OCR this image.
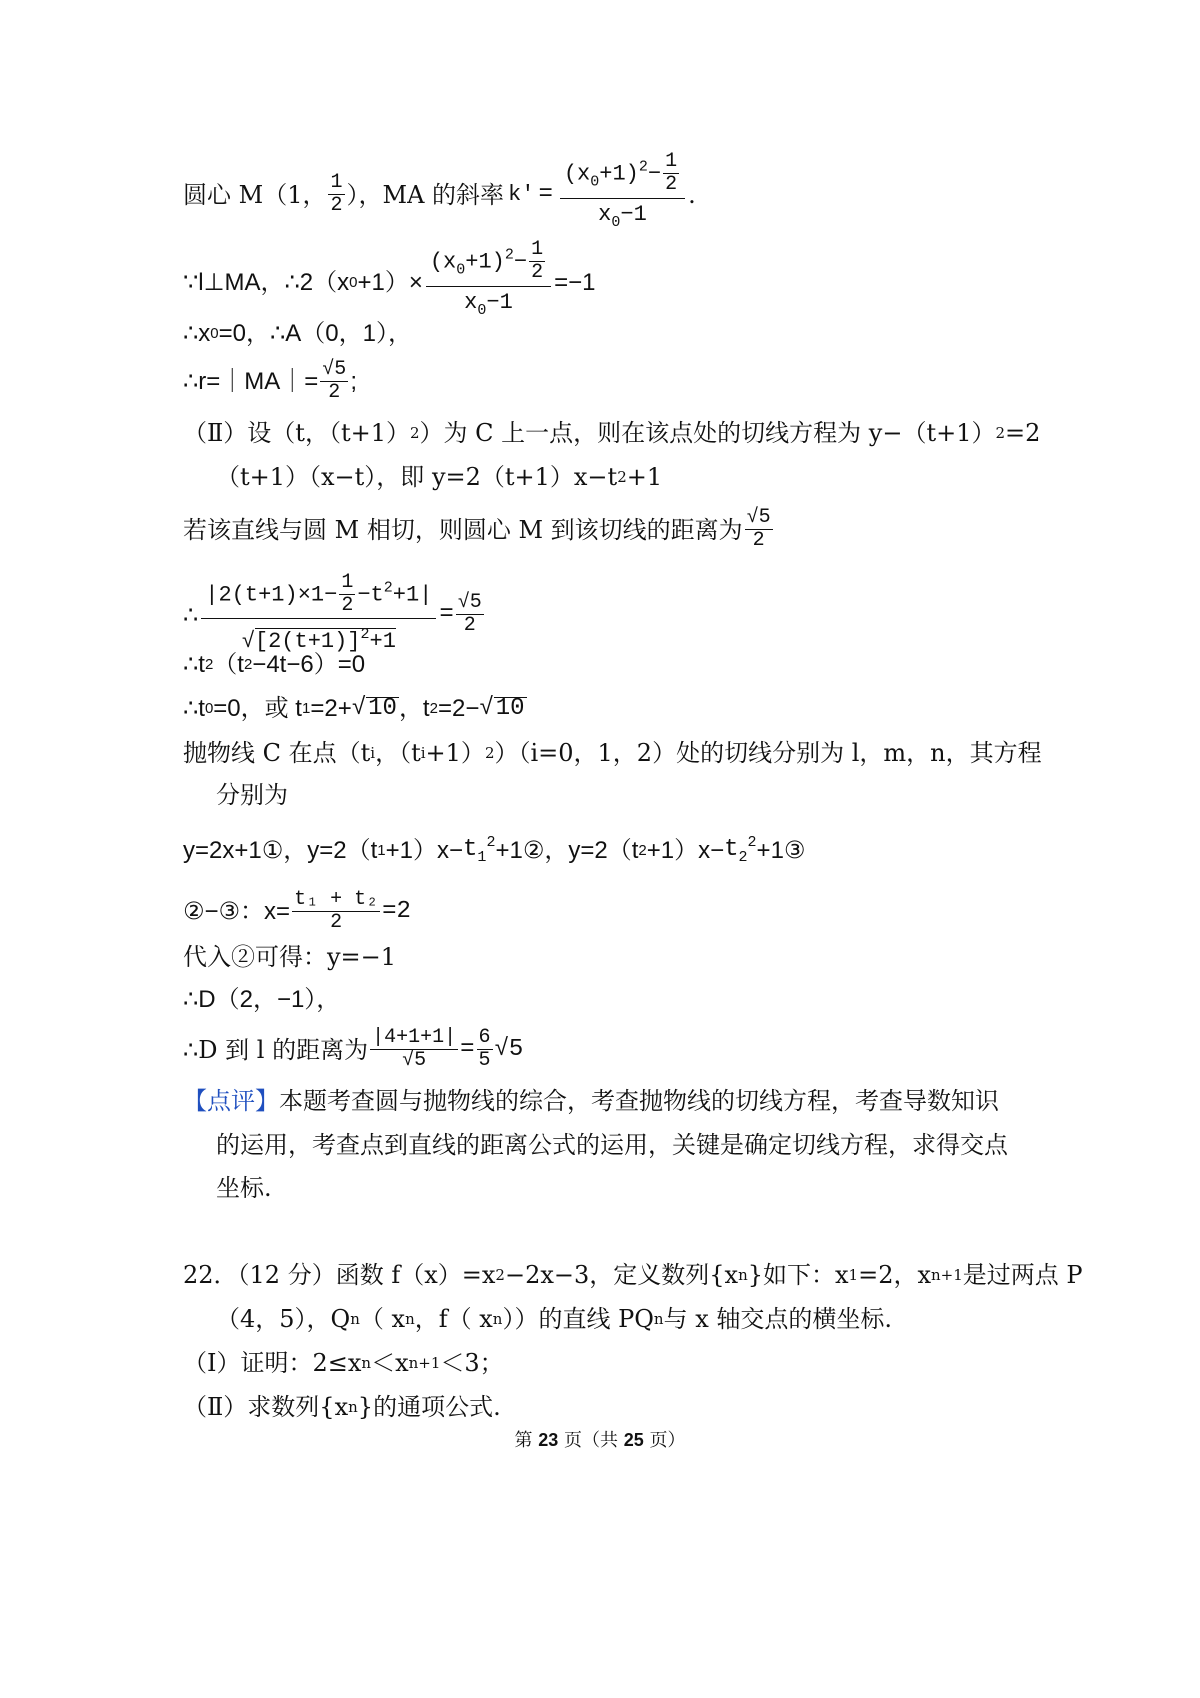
圆心 M（1， 1
2 ），MA 的斜率 $k' = \frac{(x_0+1)^2- \frac{1}{2}}{x_0-1}$ .
∵l⊥MA，∴2（x $0 +1)\times \frac{(x_0+1)^2- \frac{1}{2}}{x_0-1} =-1$
∴x 0 =0，∴A（0，1），
∴r=｜MA｜= $\frac{√5}{2}$ ;
（Ⅱ）设（t，（t+1） 2 ）为 C 上一点，则在该点处的切线方程为 y−（t+1） 2 =2
（t+1）（x−t），即 y=2（t+1）x−t 2 +1
若该直线与圆 M 相切，则圆心 M 到该切线的距离为 √5
2
∴ $\frac{|2(t+1)\times 1- \frac{1}{2} -t^2+1|}{√[2(t+1)]^2+1} = \frac{√5}{2}$
∴t 2 （t 2 −4t−6）=0
∴t 0 =0，或 t 1 =2+ √ 10 ，t 2 =2− √ 10
抛物线 C 在点（t i ，（t i +1） 2 ）（i=0，1，2）处的切线分别为 l，m，n，其方程
分别为
y=2x+1①，y=2（t $1 +1)x- t_1^2$ +1②，y=2（t $2 +1)x- t_2^2$ +1③
②−③：$x= \frac{\text{t₁ + t₂}}{2} =2$
代入②可得：y=−1
∴D（2，−1），
∴D 到 l 的距离为 $\frac{|4+1+1|}{√5} = \frac{6}{5} √5$
【点评】 本题考查圆与抛物线的综合，考查抛物线的切线方程，考查导数知识
的运用，考查点到直线的距离公式的运用，关键是确定切线方程，求得交点
坐标.
22．（12 分）函数 f（x）=x 2 −2x−3，定义数列{x n }如下：x 1 =2，x n+1 是过两点 P
（4，5），Q n （ x n ，f（ x n ））的直线 PQ n 与 x 轴交点的横坐标.
（Ⅰ）证明：2≤x n ＜x n+1 ＜3；
（Ⅱ）求数列{x n }的通项公式.
第 23 页（共 25 页）
